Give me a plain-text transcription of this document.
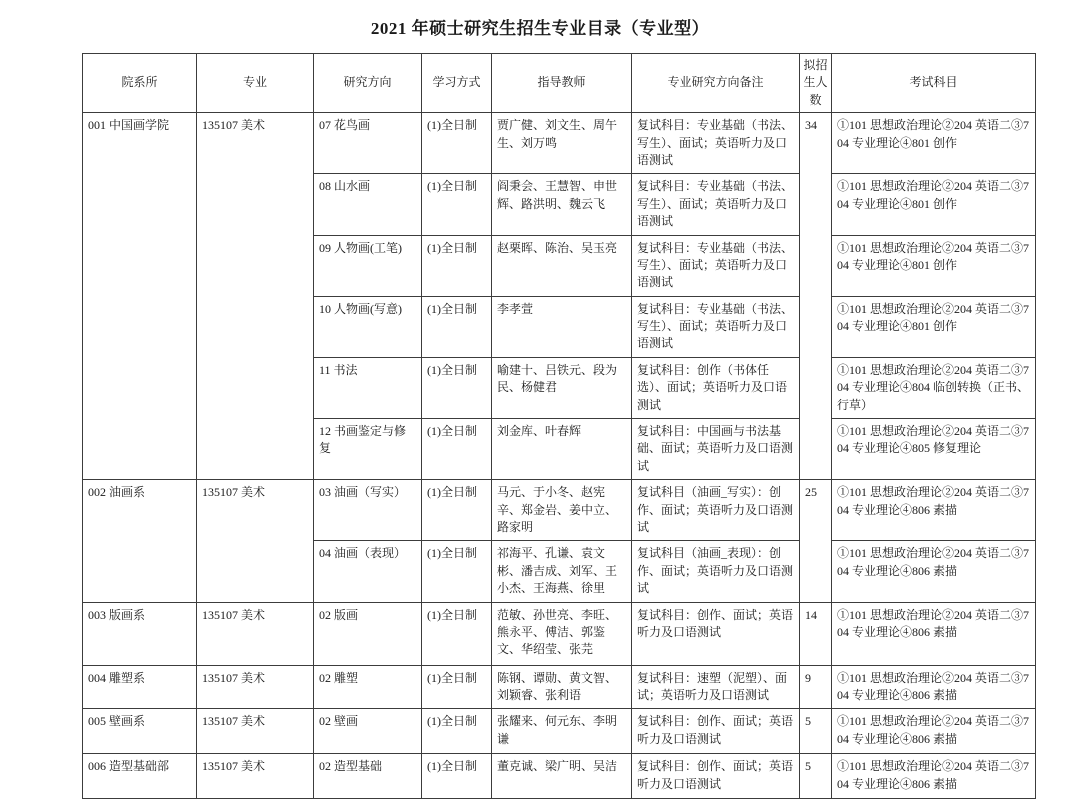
2021 年硕士研究生招生专业目录（专业型）
院系所	专业	研究方向	学习方式	指导教师	专业研究方向备注	拟招生人数	考试科目
001 中国画学院	135107 美术	07 花鸟画	(1)全日制	贾广健、刘文生、周午生、刘万鸣	复试科目：专业基础（书法、写生）、面试；英语听力及口语测试	34	①101 思想政治理论②204 英语二③704 专业理论④801 创作
		08 山水画	(1)全日制	阎秉会、王慧智、申世辉、路洪明、魏云飞	复试科目：专业基础（书法、写生）、面试；英语听力及口语测试		①101 思想政治理论②204 英语二③704 专业理论④801 创作
		09 人物画(工笔)	(1)全日制	赵栗晖、陈治、吴玉亮	复试科目：专业基础（书法、写生）、面试；英语听力及口语测试		①101 思想政治理论②204 英语二③704 专业理论④801 创作
		10 人物画(写意)	(1)全日制	李孝萱	复试科目：专业基础（书法、写生）、面试；英语听力及口语测试		①101 思想政治理论②204 英语二③704 专业理论④801 创作
		11 书法	(1)全日制	喻建十、吕铁元、段为民、杨健君	复试科目：创作（书体任选）、面试；英语听力及口语测试		①101 思想政治理论②204 英语二③704 专业理论④804 临创转换（正书、行草）
		12 书画鉴定与修复	(1)全日制	刘金库、叶春辉	复试科目：中国画与书法基础、面试；英语听力及口语测试		①101 思想政治理论②204 英语二③704 专业理论④805 修复理论
002 油画系	135107 美术	03 油画（写实）	(1)全日制	马元、于小冬、赵宪辛、郑金岩、姜中立、路家明	复试科目（油画_写实）：创作、面试；英语听力及口语测试	25	①101 思想政治理论②204 英语二③704 专业理论④806 素描
		04 油画（表现）	(1)全日制	祁海平、孔谦、袁文彬、潘吉成、刘军、王小杰、王海燕、徐里	复试科目（油画_表现）：创作、面试；英语听力及口语测试		①101 思想政治理论②204 英语二③704 专业理论④806 素描
003 版画系	135107 美术	02 版画	(1)全日制	范敏、孙世亮、李旺、熊永平、傅洁、郭鉴文、华绍莹、张芫	复试科目：创作、面试；英语听力及口语测试	14	①101 思想政治理论②204 英语二③704 专业理论④806 素描
004 雕塑系	135107 美术	02 雕塑	(1)全日制	陈钢、谭勋、黄文智、刘颖睿、张利语	复试科目：速塑（泥塑）、面试；英语听力及口语测试	9	①101 思想政治理论②204 英语二③704 专业理论④806 素描
005 壁画系	135107 美术	02 壁画	(1)全日制	张耀来、何元东、李明谦	复试科目：创作、面试；英语听力及口语测试	5	①101 思想政治理论②204 英语二③704 专业理论④806 素描
006 造型基础部	135107 美术	02 造型基础	(1)全日制	董克诚、梁广明、吴洁	复试科目：创作、面试；英语听力及口语测试	5	①101 思想政治理论②204 英语二③704 专业理论④806 素描
